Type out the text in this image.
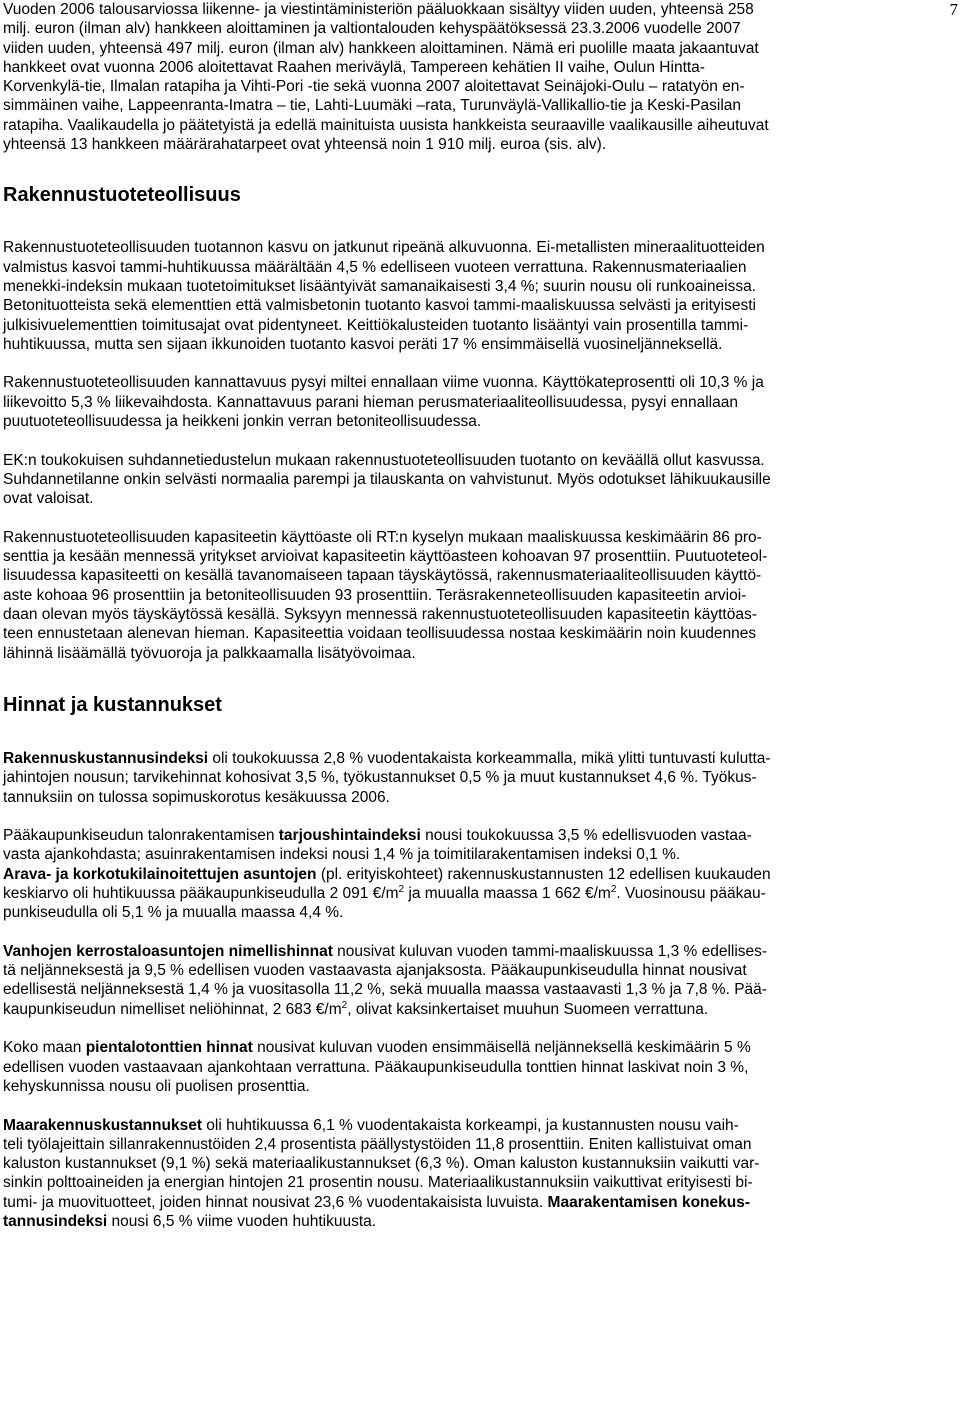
7

Vuoden 2006 talousarviossa liikenne- ja viestintäministeriön pääluokkaan sisältyy viiden uuden, yhteensä 258
milj. euron (ilman alv) hankkeen aloittaminen ja valtiontalouden kehyspäätöksessä 23.3.2006 vuodelle 2007
viiden uuden, yhteensä 497 milj. euron (ilman alv) hankkeen aloittaminen. Nämä eri puolille maata jakaantuvat
hankkeet ovat vuonna 2006 aloitettavat Raahen meriväylä, Tampereen kehätien II vaihe, Oulun Hintta-
Korvenkylä-tie, Ilmalan ratapiha ja Vihti-Pori -tie sekä vuonna 2007 aloitettavat Seinäjoki-Oulu – ratatyön en-
simmäinen vaihe, Lappeenranta-Imatra – tie, Lahti-Luumäki –rata, Turunväylä-Vallikallio-tie ja Keski-Pasilan
ratapiha. Vaalikaudella jo päätetyistä ja edellä mainituista uusista hankkeista seuraaville vaalikausille aiheutuvat
yhteensä 13 hankkeen määrärahatarpeet ovat yhteensä noin 1 910 milj. euroa (sis. alv).

Rakennustuoteteollisuus

Rakennustuoteteollisuuden tuotannon kasvu on jatkunut ripeänä alkuvuonna. Ei-metallisten mineraalituotteiden
valmistus kasvoi tammi-huhtikuussa määrältään 4,5 % edelliseen vuoteen verrattuna. Rakennusmateriaalien
menekki-indeksin mukaan tuotetoimitukset lisääntyivät samanaikaisesti 3,4 %; suurin nousu oli runkoaineissa.
Betonituotteista sekä elementtien että valmisbetonin tuotanto kasvoi tammi-maaliskuussa selvästi ja erityisesti
julkisivuelementtien toimitusajat ovat pidentyneet. Keittiökalusteiden tuotanto lisääntyi vain prosentilla tammi-
huhtikuussa, mutta sen sijaan ikkunoiden tuotanto kasvoi peräti 17 % ensimmäisellä vuosineljänneksellä.

Rakennustuoteteollisuuden kannattavuus pysyi miltei ennallaan viime vuonna. Käyttökateprosentti oli 10,3 % ja
liikevoitto 5,3 % liikevaihdosta. Kannattavuus parani hieman perusmateriaaliteollisuudessa, pysyi ennallaan
puutuoteteollisuudessa ja heikkeni jonkin verran betoniteollisuudessa.

EK:n toukokuisen suhdannetiedustelun mukaan rakennustuoteteollisuuden tuotanto on keväällä ollut kasvussa.
Suhdannetilanne onkin selvästi normaalia parempi ja tilauskanta on vahvistunut. Myös odotukset lähikuukausille
ovat valoisat.

Rakennustuoteteollisuuden kapasiteetin käyttöaste oli RT:n kyselyn mukaan maaliskuussa keskimäärin 86 pro-
senttia ja kesään mennessä yritykset arvioivat kapasiteetin käyttöasteen kohoavan 97 prosenttiin. Puutuoteteol-
lisuudessa kapasiteetti on kesällä tavanomaiseen tapaan täyskäytössä, rakennusmateriaaliteollisuuden käyttö-
aste kohoaa 96 prosenttiin ja betoniteollisuuden 93 prosenttiin. Teräsrakenneteollisuuden kapasiteetin arvioi-
daan olevan myös täyskäytössä kesällä. Syksyyn mennessä rakennustuoteteollisuuden kapasiteetin käyttöas-
teen ennustetaan alenevan hieman. Kapasiteettia voidaan teollisuudessa nostaa keskimäärin noin kuudennes
lähinnä lisäämällä työvuoroja ja palkkaamalla lisätyövoimaa.

Hinnat ja kustannukset

Rakennuskustannusindeksi oli toukokuussa 2,8 % vuodentakaista korkeammalla, mikä ylitti tuntuvasti kulutta-
jahintojen nousun; tarvikehinnat kohosivat 3,5 %, työkustannukset 0,5 % ja muut kustannukset 4,6 %. Työkus-
tannuksiin on tulossa sopimuskorotus kesäkuussa 2006.

Pääkaupunkiseudun talonrakentamisen tarjoushintaindeksi nousi toukokuussa 3,5 % edellisvuoden vastaa-
vasta ajankohdasta; asuinrakentamisen indeksi nousi 1,4 % ja toimitilarakentamisen indeksi 0,1 %.
Arava- ja korkotukilainoitettujen asuntojen (pl. erityiskohteet) rakennuskustannusten 12 edellisen kuukauden
keskiarvo oli huhtikuussa pääkaupunkiseudulla 2 091 $€/m^2$ ja muualla maassa 1 662 $€/m^2$. Vuosinousu pääkau-
punkiseudulla oli 5,1 % ja muualla maassa 4,4 %.

Vanhojen kerrostaloasuntojen nimellishinnat nousivat kuluvan vuoden tammi-maaliskuussa 1,3 % edellises-
tä neljänneksestä ja 9,5 % edellisen vuoden vastaavasta ajanjaksosta. Pääkaupunkiseudulla hinnat nousivat
edellisestä neljänneksestä 1,4 % ja vuositasolla 11,2 %, sekä muualla maassa vastaavasti 1,3 % ja 7,8 %. Pää-
kaupunkiseudun nimelliset neliöhinnat, 2 683 $€/m^2$, olivat kaksinkertaiset muuhun Suomeen verrattuna.

Koko maan pientalotonttien hinnat nousivat kuluvan vuoden ensimmäisellä neljänneksellä keskimäärin 5 %
edellisen vuoden vastaavaan ajankohtaan verrattuna. Pääkaupunkiseudulla tonttien hinnat laskivat noin 3 %,
kehyskunnissa nousu oli puolisen prosenttia.

Maarakennuskustannukset oli huhtikuussa 6,1 % vuodentakaista korkeampi, ja kustannusten nousu vaih-
teli työlajeittain sillanrakennustöiden 2,4 prosentista päällystystöiden 11,8 prosenttiin. Eniten kallistuivat oman
kaluston kustannukset (9,1 %) sekä materiaalikustannukset (6,3 %). Oman kaluston kustannuksiin vaikutti var-
sinkin polttoaineiden ja energian hintojen 21 prosentin nousu. Materiaalikustannuksiin vaikuttivat erityisesti bi-
tumi- ja muovituotteet, joiden hinnat nousivat 23,6 % vuodentakaisista luvuista. Maarakentamisen konekus-
tannusindeksi nousi 6,5 % viime vuoden huhtikuusta.
